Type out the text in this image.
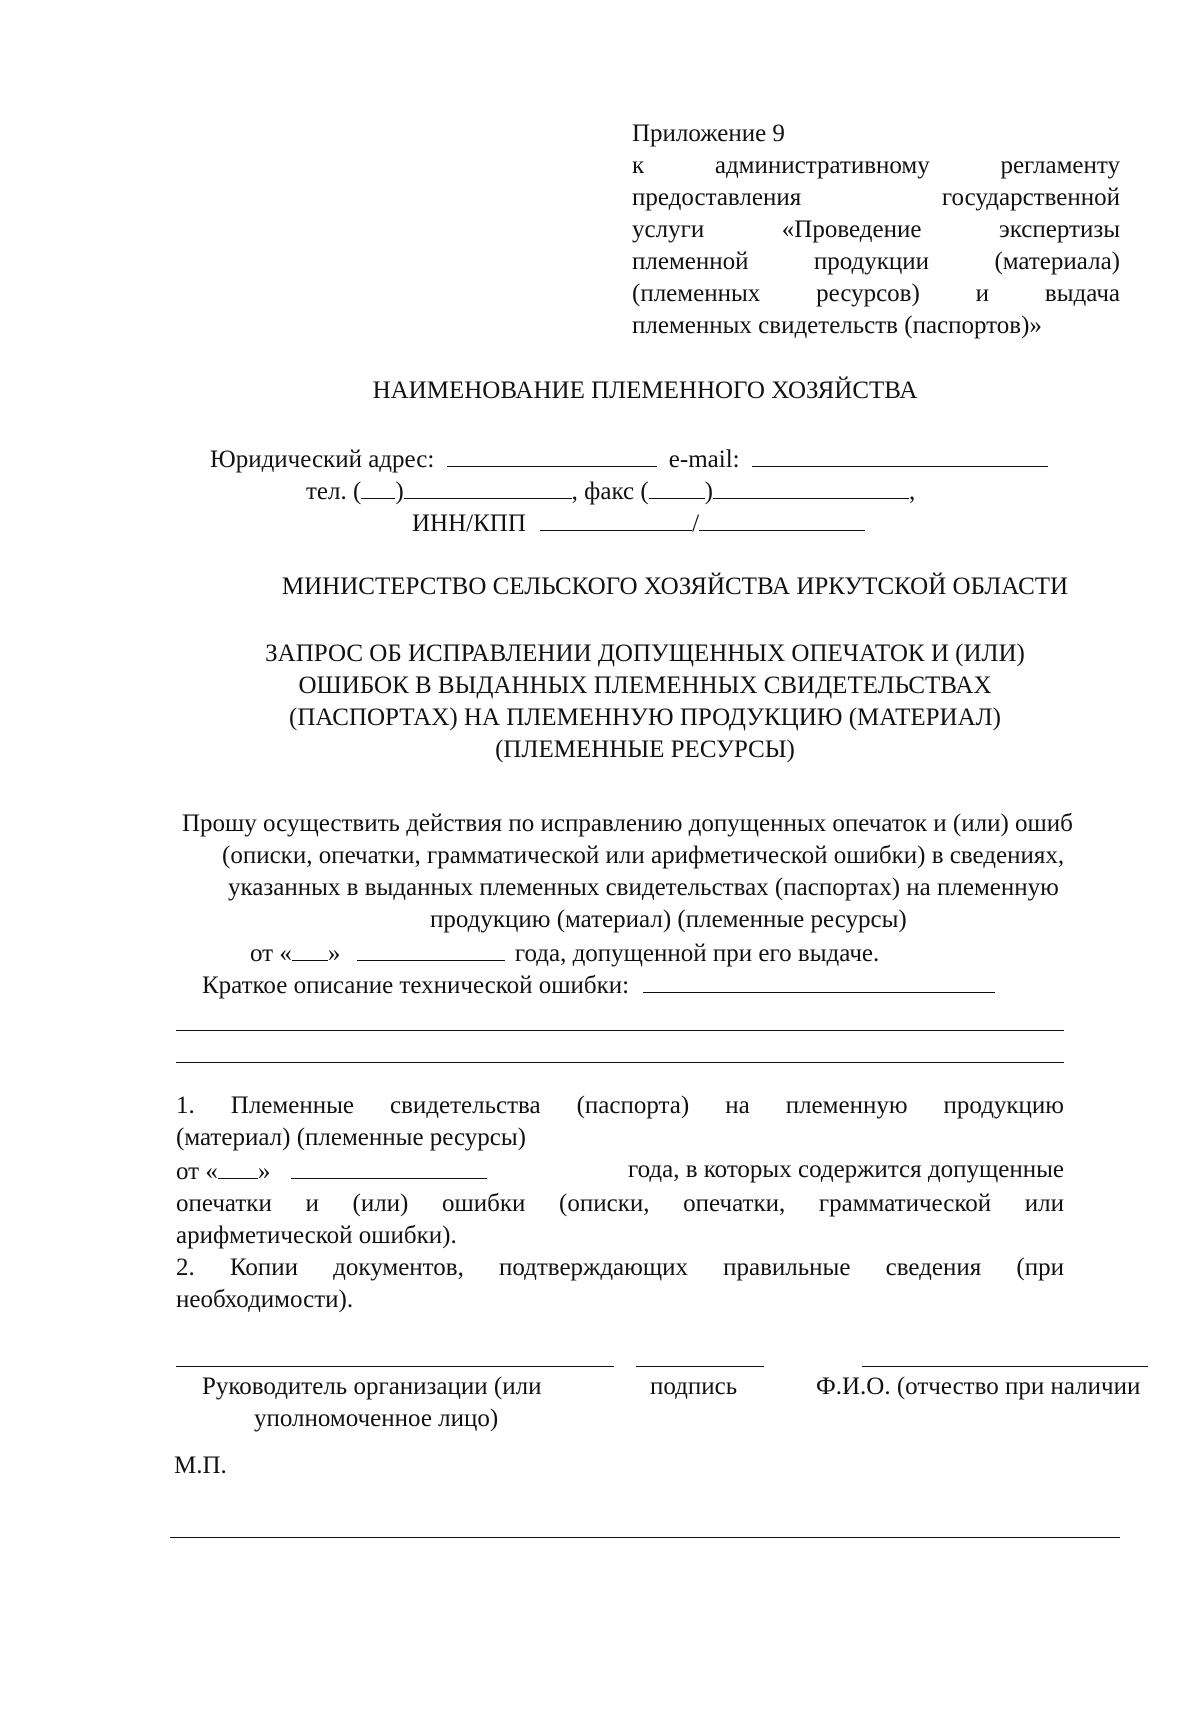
Приложение 9
к административному регламенту
предоставления государственной
услуги «Проведение экспертизы
племенной продукции (материала)
(племенных ресурсов) и выдача
племенных свидетельств (паспортов)»
НАИМЕНОВАНИЕ ПЛЕМЕННОГО ХОЗЯЙСТВА
Юридический адрес:	e-mail:
тел. ( )	, факс ( )	,
ИНН/КПП	/
МИНИСТЕРСТВО СЕЛЬСКОГО ХОЗЯЙСТВА ИРКУТСКОЙ ОБЛАСТИ
ЗАПРОС ОБ ИСПРАВЛЕНИИ ДОПУЩЕННЫХ ОПЕЧАТОК И (ИЛИ)
ОШИБОК В ВЫДАННЫХ ПЛЕМЕННЫХ СВИДЕТЕЛЬСТВАХ
(ПАСПОРТАХ) НА ПЛЕМЕННУЮ ПРОДУКЦИЮ (МАТЕРИАЛ)
(ПЛЕМЕННЫЕ РЕСУРСЫ)
Прошу осуществить действия по исправлению допущенных опечаток и (или) ошиб
(описки, опечатки, грамматической или арифметической ошибки) в сведениях,
указанных в выданных племенных свидетельствах (паспортах) на племенную
продукцию (материал) (племенные ресурсы)
от « »	года, допущенной при его выдаче.
Краткое описание технической ошибки:
1. Племенные свидетельства (паспорта) на племенную продукцию
(материал) (племенные ресурсы)
от « »	года, в которых содержится допущенные
опечатки и (или) ошибки (описки, опечатки, грамматической или
арифметической ошибки).
2. Копии документов, подтверждающих правильные сведения (при
необходимости).
Руководитель организации (или
уполномоченное лицо)
подпись	Ф.И.О. (отчество при наличии
М.П.
